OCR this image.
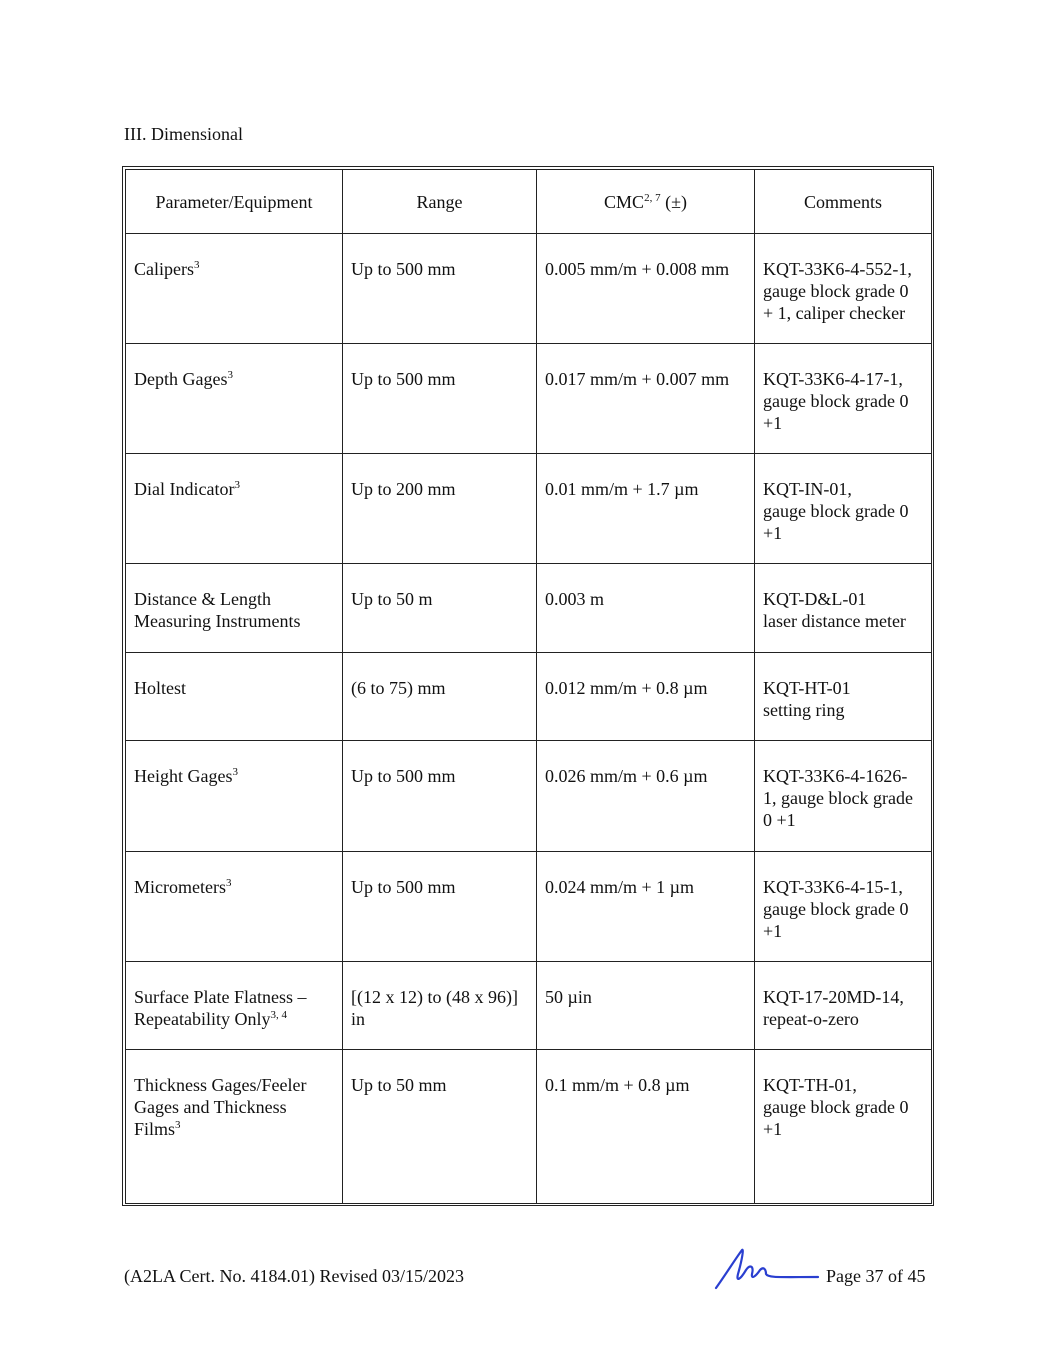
III. Dimensional
Parameter/Equipment	Range	CMC$^{2, 7}$ (±)	Comments
Calipers$^3$	Up to 500 mm	0.005 mm/m + 0.008 mm	KQT-33K6-4-552-1,
gauge block grade 0
+ 1, caliper checker

Depth Gages$^3$	Up to 500 mm	0.017 mm/m + 0.007 mm	KQT-33K6-4-17-1,
gauge block grade 0
+1

Dial Indicator$^3$	Up to 200 mm	0.01 mm/m + 1.7 µm	KQT-IN-01,
gauge block grade 0
+1

Distance & Length Measuring Instruments	Up to 50 m	0.003 m	KQT-D&L-01
laser distance meter

Holtest	(6 to 75) mm	0.012 mm/m + 0.8 µm	KQT-HT-01
setting ring

Height Gages$^3$	Up to 500 mm	0.026 mm/m + 0.6 µm	KQT-33K6-4-1626-
1, gauge block grade
0 +1

Micrometers$^3$	Up to 500 mm	0.024 mm/m + 1 µm	KQT-33K6-4-15-1,
gauge block grade 0
+1

Surface Plate Flatness – Repeatability Only$^{3, 4}$	[(12 x 12) to (48 x 96)] in	50 µin	KQT-17-20MD-14,
repeat-o-zero

Thickness Gages/Feeler Gages and Thickness Films$^3$	Up to 50 mm	0.1 mm/m + 0.8 µm	KQT-TH-01,
gauge block grade 0
+1
(A2LA Cert. No. 4184.01) Revised 03/15/2023	Page 37 of 45
